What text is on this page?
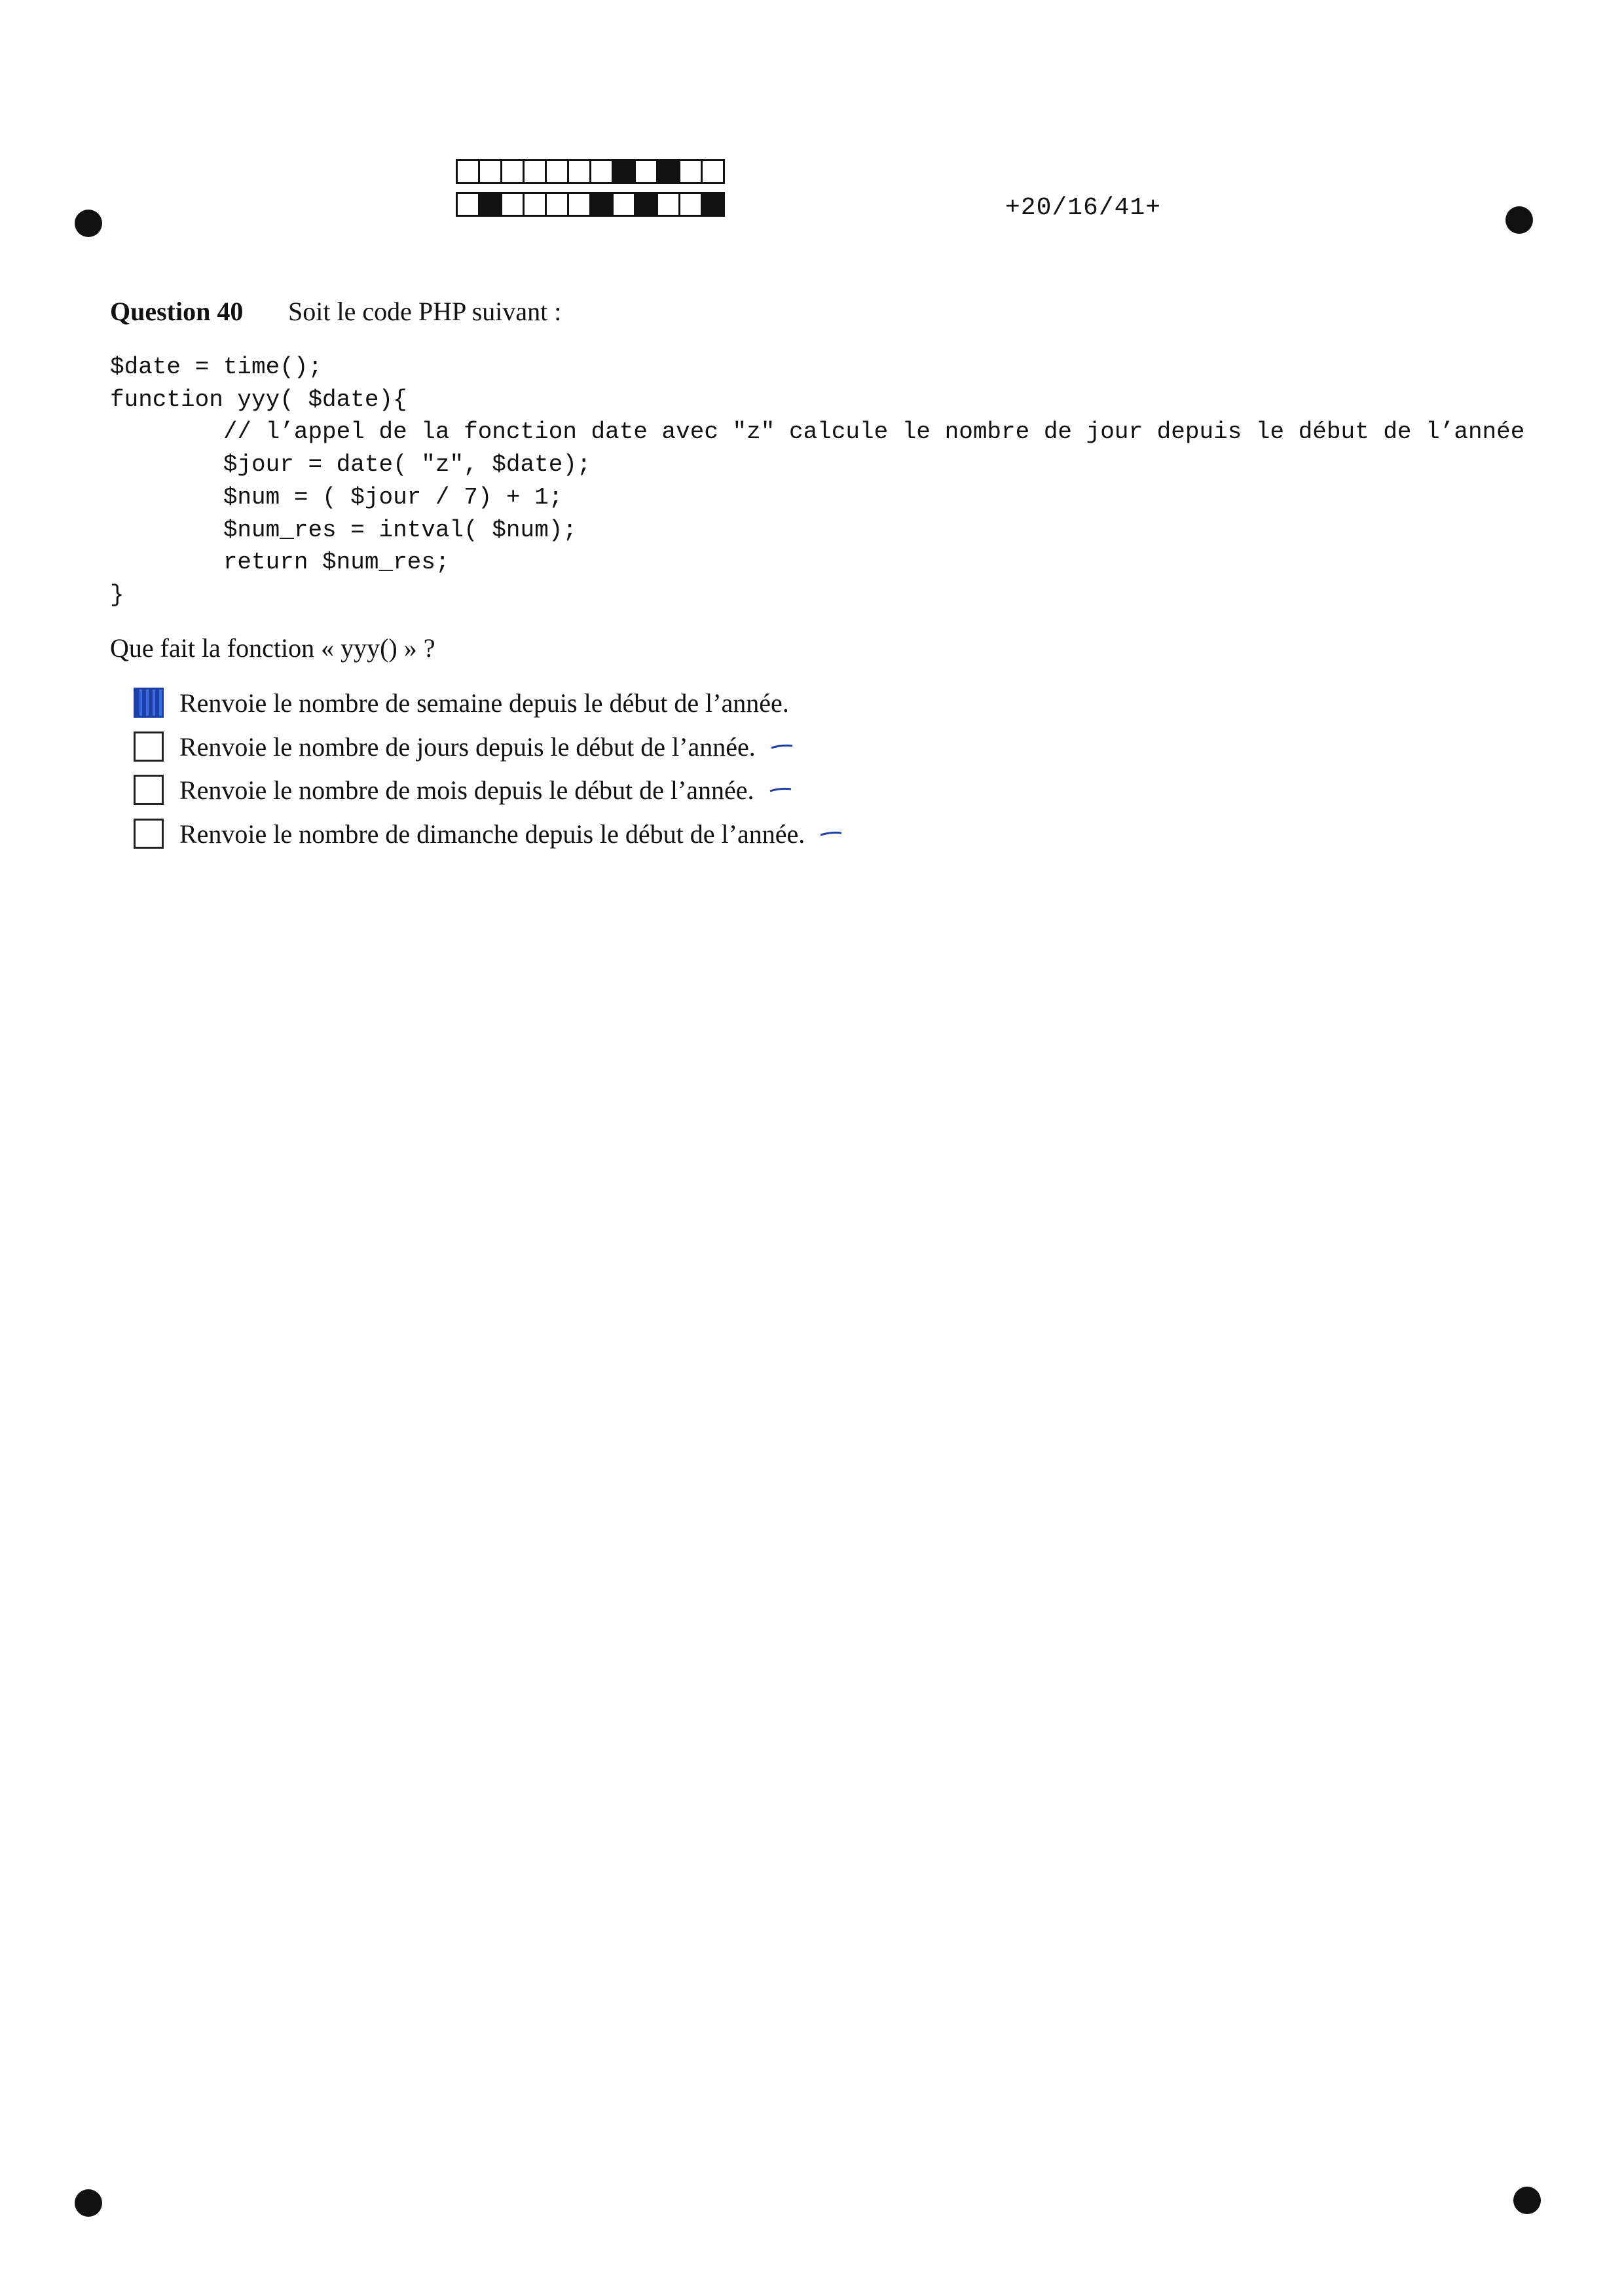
+20/16/41+
Question 40 Soit le code PHP suivant :
$date = time();
function yyy( $date){
// l’appel de la fonction date avec "z" calcule le nombre de jour depuis le début de l’année
$jour = date( "z", $date);
$num = ( $jour / 7) + 1;
$num_res = intval( $num);
return $num_res;
}

Que fait la fonction « yyy() » ?
Renvoie le nombre de semaine depuis le début de l’année.
Renvoie le nombre de jours depuis le début de l’année.
Renvoie le nombre de mois depuis le début de l’année.
Renvoie le nombre de dimanche depuis le début de l’année.
